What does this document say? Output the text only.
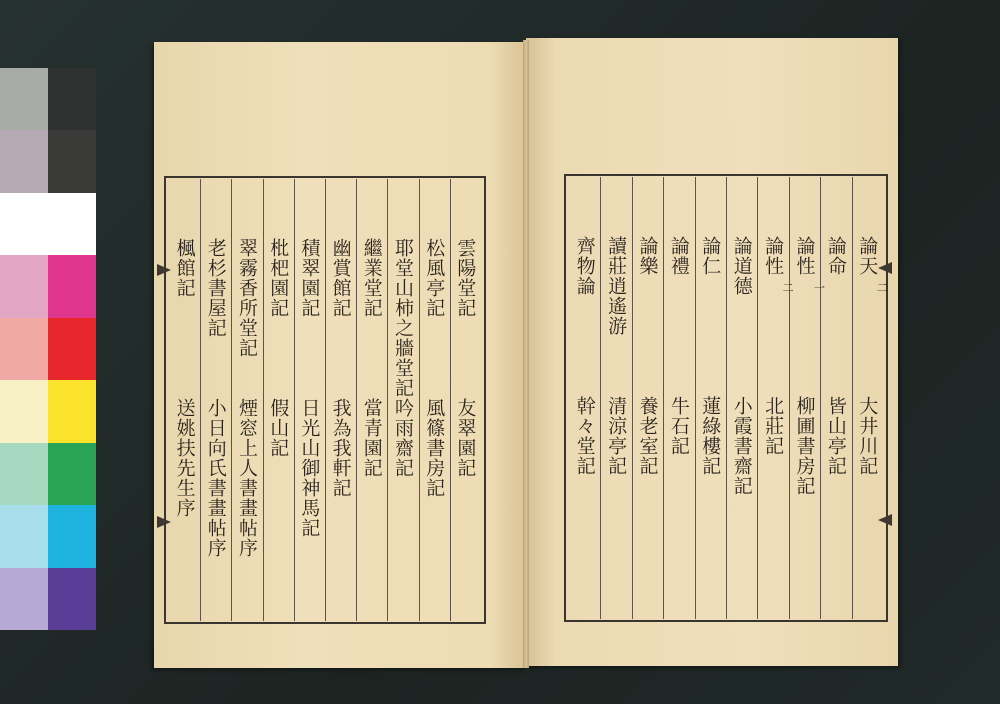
雲陽堂記
友翠園記
松風亭記
風篠書房記
耶堂山柿之牆堂記
吟雨齋記
繼業堂記
當青園記
幽賞館記
我為我軒記
積翠園記
日光山御神馬記
枇杷園記
假山記
翠霧香所堂記
煙窓上人書畫帖序
老杉書屋記
小日向氏書畫帖序
楓館記
送姚扶先生序
論天
二
大井川記
論命
皆山亭記
論性
一
柳圃書房記
論性
二
北莊記
論道德
小霞書齋記
論仁
蓮綠樓記
論禮
牛石記
論樂
養老室記
讀莊逍遙游
清涼亭記
齊物論
幹々堂記
